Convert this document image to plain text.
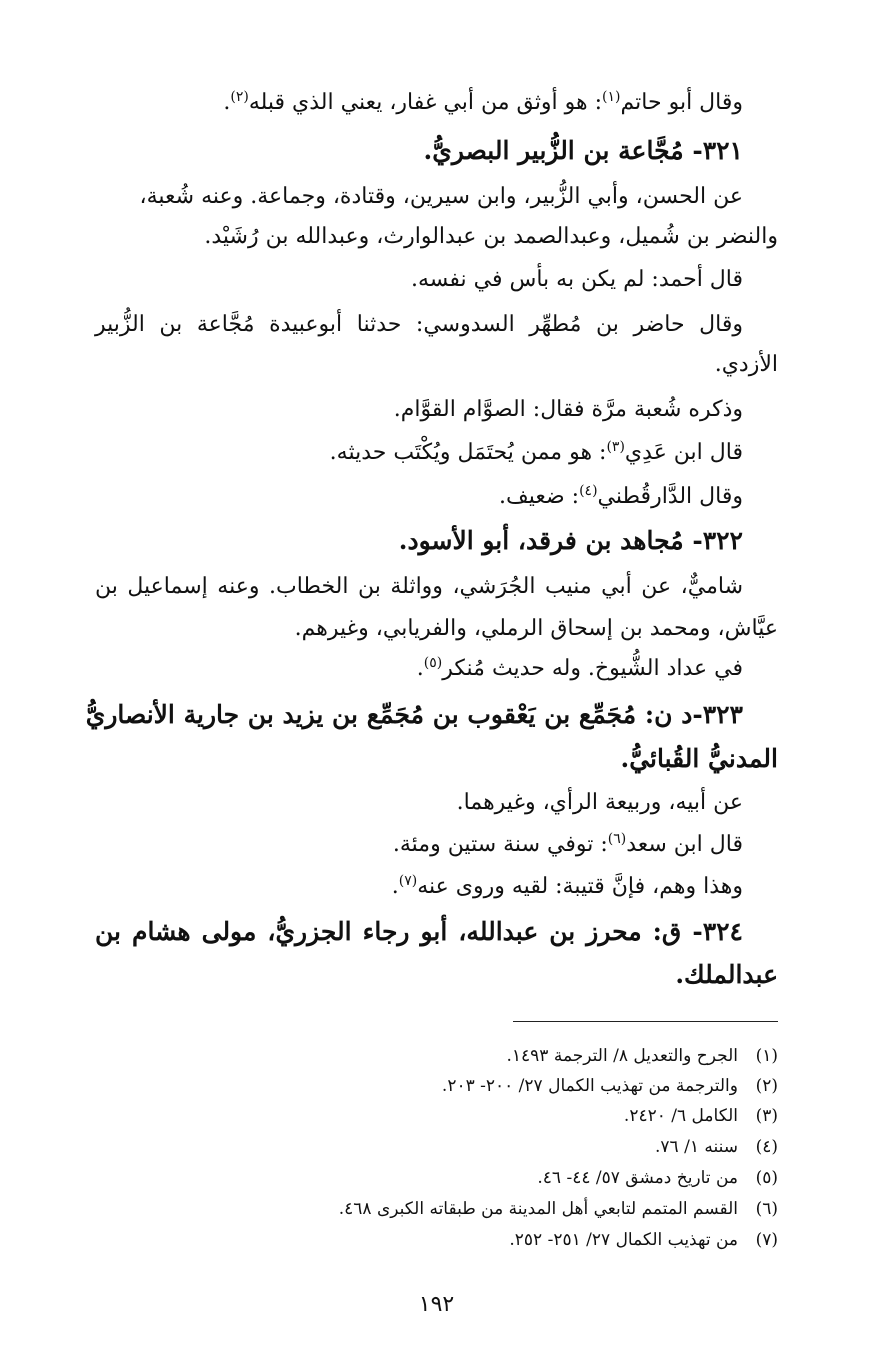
وقال أبو حاتم$^{(١)}$: هو أوثق من أبي غفار، يعني الذي قبله$^{(٢)}$.
٣٢١- مُجَّاعة بن الزُّبير البصريُّ.
عن الحسن، وأبي الزُّبير، وابن سيرين، وقتادة، وجماعة. وعنه شُعبة،
والنضر بن شُميل، وعبدالصمد بن عبدالوارث، وعبدالله بن رُشَيْد.
قال أحمد: لم يكن به بأس في نفسه.
وقال حاضر بن مُطهِّر السدوسي: حدثنا أبوعبيدة مُجَّاعة بن الزُّبير
الأزدي.
وذكره شُعبة مرَّة فقال: الصوَّام القوَّام.
قال ابن عَدِي$^{(٣)}$: هو ممن يُحتَمَل ويُكْتَب حديثه.
وقال الدَّارقُطني$^{(٤)}$: ضعيف.
٣٢٢- مُجاهد بن فرقد، أبو الأسود.
شاميٌّ، عن أبي منيب الجُرَشي، وواثلة بن الخطاب. وعنه إسماعيل بن
عيَّاش، ومحمد بن إسحاق الرملي، والفريابي، وغيرهم.
في عداد الشُّيوخ. وله حديث مُنكر$^{(٥)}$.
٣٢٣-د ن: مُجَمِّع بن يَعْقوب بن مُجَمِّع بن يزيد بن جارية الأنصاريُّ
المدنيُّ القُبائيُّ.
عن أبيه، وربيعة الرأي، وغيرهما.
قال ابن سعد$^{(٦)}$: توفي سنة ستين ومئة.
وهذا وهم، فإنَّ قتيبة: لقيه وروى عنه$^{(٧)}$.
٣٢٤- ق: محرز بن عبدالله، أبو رجاء الجزريُّ، مولى هشام بن
عبدالملك.
(١)الجرح والتعديل ٨/ الترجمة ١٤٩٣.
(٢)والترجمة من تهذيب الكمال ٢٧/ ٢٠٠- ٢٠٣.
(٣)الكامل ٦/ ٢٤٢٠.
(٤)سننه ١/ ٧٦.
(٥)من تاريخ دمشق ٥٧/ ٤٤- ٤٦.
(٦)القسم المتمم لتابعي أهل المدينة من طبقاته الكبرى ٤٦٨.
(٧)من تهذيب الكمال ٢٧/ ٢٥١- ٢٥٢.
١٩٢
